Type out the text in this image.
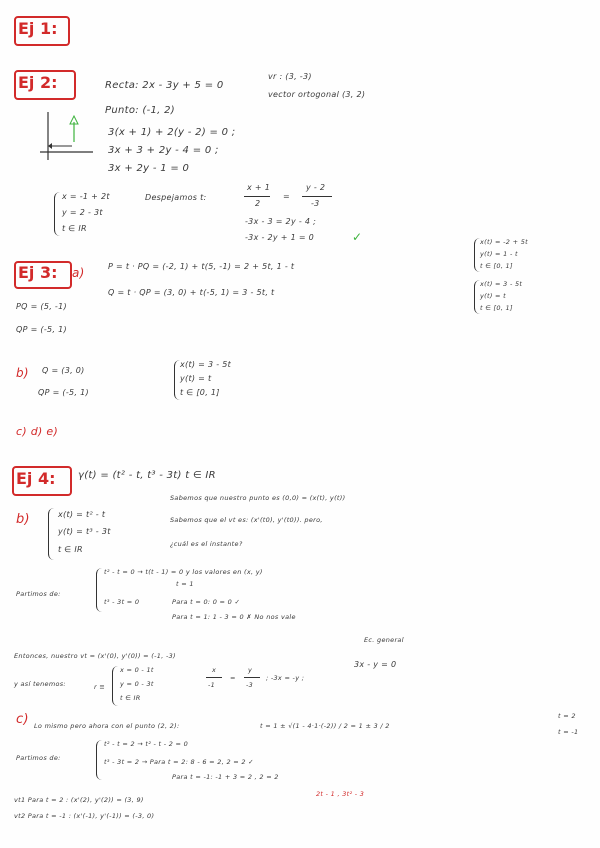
Ej 1:
Ej 2:	Recta: 2x - 3y + 5 = 0
vr : (3, -3)
vector ortogonal (3, 2)
Punto: (-1, 2)
3(x + 1) + 2(y - 2) = 0 ;
3x + 3 + 2y - 4 = 0 ;
3x + 2y - 1 = 0
x = -1 + 2t
y = 2 - 3t
t ∈ IR
Despejamos t:
x + 1
2
=
y - 2
-3
-3x - 3 = 2y - 4 ;
-3x - 2y + 1 = 0	✓
Ej 3: a)	P = t · PQ = (-2, 1) + t(5, -1) = 2 + 5t, 1 - t
Q = t · QP = (3, 0) + t(-5, 1) = 3 - 5t, t
PQ = (5, -1)
QP = (-5, 1)
x(t) = -2 + 5t
y(t) = 1 - t
t ∈ [0, 1]
x(t) = 3 - 5t
y(t) = t
t ∈ [0, 1]
b) Q = (3, 0)
QP = (-5, 1)
x(t) = 3 - 5t
y(t) = t
t ∈ [0, 1]
c) d) e)
Ej 4: γ(t) = (t² - t, t³ - 3t) t ∈ IR
b)	x(t) = t² - t
y(t) = t³ - 3t
t ∈ IR
Sabemos que nuestro punto es (0,0) = (x(t), y(t))
Sabemos que el vt es: (x'(t0), y'(t0)). pero,
¿cuál es el instante?
Partimos de:
t² - t = 0 → t(t - 1) = 0 y los valores en (x, y)
t = 1
t³ - 3t = 0	Para t = 0: 0 = 0 ✓
Para t = 1: 1 - 3 = 0 ✗ No nos vale
Entonces, nuestro vt = (x'(0), y'(0)) = (-1, -3)
Ec. general
3x - y = 0
y así tenemos:	r ≡
x = 0 - 1t
y = 0 - 3t
t ∈ IR
x
-1
=
y
-3
; -3x = -y ;
c) Lo mismo pero ahora con el punto (2, 2):	t = 1 ± √(1 - 4·1·(-2)) / 2 = 1 ± 3 / 2
t = 2
t = -1
Partimos de:
t² - t = 2 → t² - t - 2 = 0
t³ - 3t = 2 → Para t = 2: 8 - 6 = 2, 2 = 2 ✓
Para t = -1: -1 + 3 = 2 , 2 = 2
2t - 1 , 3t² - 3
vt1 Para t = 2 : (x'(2), y'(2)) = (3, 9)
vt2 Para t = -1 : (x'(-1), y'(-1)) = (-3, 0)
